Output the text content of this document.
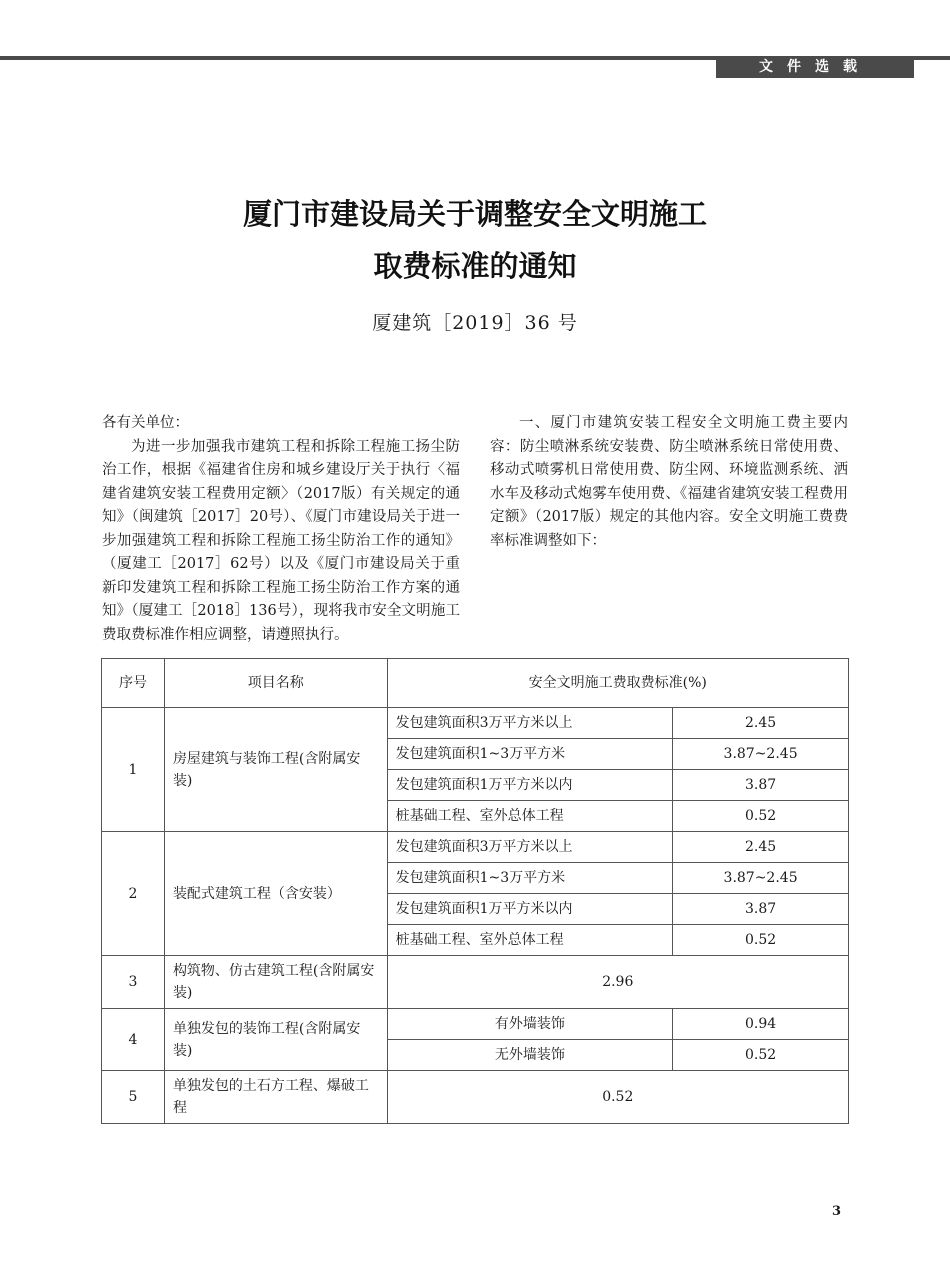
文件选载
厦门市建设局关于调整安全文明施工
取费标准的通知
厦建筑［2019］36 号

各有关单位：

为进一步加强我市建筑工程和拆除工程施工扬尘防治工作，根据《福建省住房和城乡建设厅关于执行〈福建省建筑安装工程费用定额〉（2017版）有关规定的通知》（闽建筑［2017］20号）、《厦门市建设局关于进一步加强建筑工程和拆除工程施工扬尘防治工作的通知》（厦建工［2017］62号）以及《厦门市建设局关于重新印发建筑工程和拆除工程施工扬尘防治工作方案的通知》（厦建工［2018］136号），现将我市安全文明施工费取费标准作相应调整，请遵照执行。

一、厦门市建筑安装工程安全文明施工费主要内容：防尘喷淋系统安装费、防尘喷淋系统日常使用费、移动式喷雾机日常使用费、防尘网、环境监测系统、洒水车及移动式炮雾车使用费、《福建省建筑安装工程费用定额》（2017版）规定的其他内容。安全文明施工费费率标准调整如下：

序号	项目名称	安全文明施工费取费标准(%)	
1	房屋建筑与装饰工程(含附属安装)	发包建筑面积3万平方米以上	2.45
		发包建筑面积1~3万平方米	3.87~2.45
		发包建筑面积1万平方米以内	3.87
		桩基础工程、室外总体工程	0.52
2	装配式建筑工程（含安装）	发包建筑面积3万平方米以上	2.45
		发包建筑面积1~3万平方米	3.87~2.45
		发包建筑面积1万平方米以内	3.87
		桩基础工程、室外总体工程	0.52
3	构筑物、仿古建筑工程(含附属安装)	2.96	
4	单独发包的装饰工程(含附属安装)	有外墙装饰	0.94
		无外墙装饰	0.52
5	单独发包的土石方工程、爆破工程	0.52	
3
